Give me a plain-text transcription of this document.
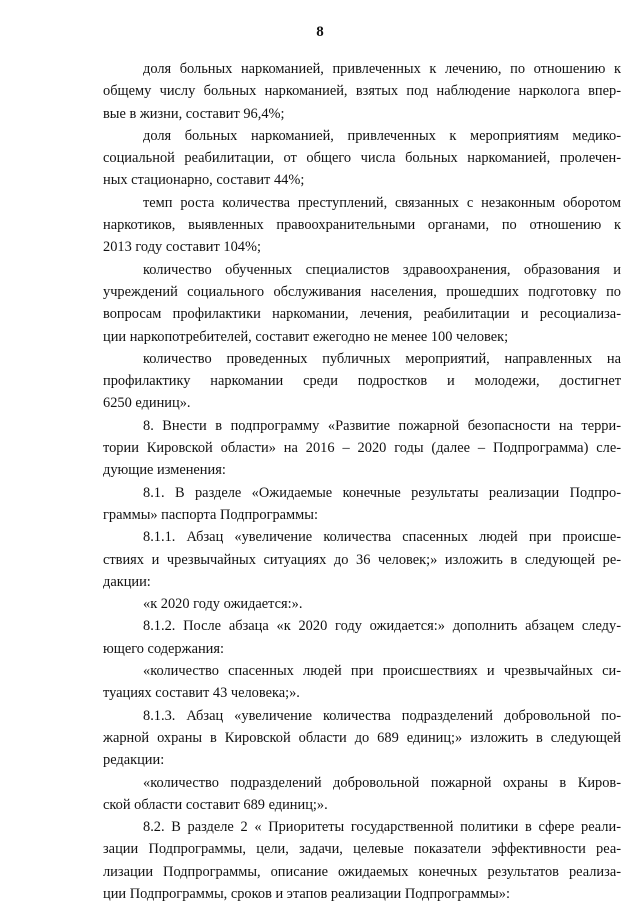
8
доля больных наркоманией, привлеченных к лечению, по отношению к
общему числу больных наркоманией, взятых под наблюдение нарколога впер-
вые в жизни, составит 96,4%;
доля больных наркоманией, привлеченных к мероприятиям медико-
социальной реабилитации, от общего числа больных наркоманией, пролечен-
ных стационарно, составит 44%;
темп роста количества преступлений, связанных с незаконным оборотом
наркотиков, выявленных правоохранительными органами, по отношению к
2013 году составит 104%;
количество обученных специалистов здравоохранения, образования и
учреждений социального обслуживания населения, прошедших подготовку по
вопросам профилактики наркомании, лечения, реабилитации и ресоциализа-
ции наркопотребителей, составит ежегодно не менее 100 человек;
количество проведенных публичных мероприятий, направленных на
профилактику наркомании среди подростков и молодежи, достигнет
6250 единиц».
8. Внести в подпрограмму «Развитие пожарной безопасности на терри-
тории Кировской области» на 2016 – 2020 годы (далее – Подпрограмма) сле-
дующие изменения:
8.1. В разделе «Ожидаемые конечные результаты реализации Подпро-
граммы» паспорта Подпрограммы:
8.1.1. Абзац «увеличение количества спасенных людей при происше-
ствиях и чрезвычайных ситуациях до 36 человек;» изложить в следующей ре-
дакции:
«к 2020 году ожидается:».
8.1.2. После абзаца «к 2020 году ожидается:» дополнить абзацем следу-
ющего содержания:
«количество спасенных людей при происшествиях и чрезвычайных си-
туациях составит 43 человека;».
8.1.3. Абзац «увеличение количества подразделений добровольной по-
жарной охраны в Кировской области до 689 единиц;» изложить в следующей
редакции:
«количество подразделений добровольной пожарной охраны в Киров-
ской области составит 689 единиц;».
8.2. В разделе 2 « Приоритеты государственной политики в сфере реали-
зации Подпрограммы, цели, задачи, целевые показатели эффективности реа-
лизации Подпрограммы, описание ожидаемых конечных результатов реализа-
ции Подпрограммы, сроков и этапов реализации Подпрограммы»:
